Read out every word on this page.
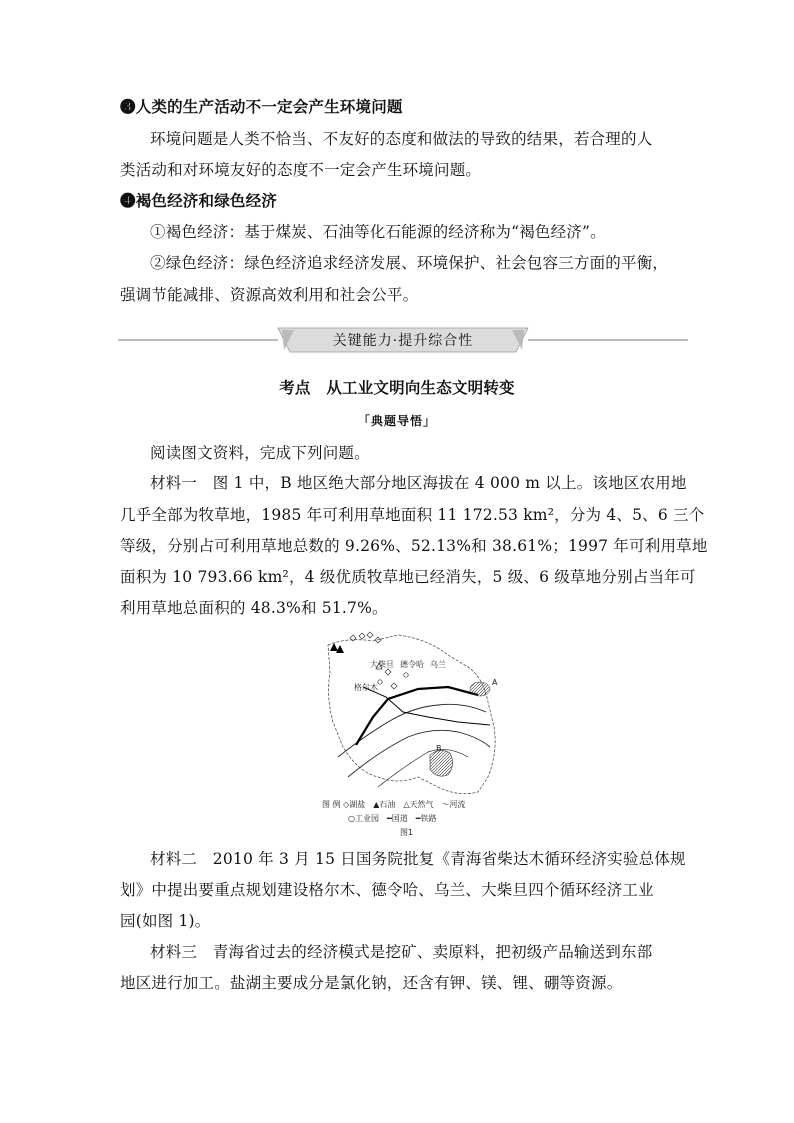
❸人类的生产活动不一定会产生环境问题
环境问题是人类不恰当、不友好的态度和做法的导致的结果，若合理的人
类活动和对环境友好的态度不一定会产生环境问题。
❹褐色经济和绿色经济
①褐色经济：基于煤炭、石油等化石能源的经济称为“褐色经济”。
②绿色经济：绿色经济追求经济发展、环境保护、社会包容三方面的平衡，
强调节能减排、资源高效利用和社会公平。
关键能力·提升综合性
考点　从工业文明向生态文明转变
「典题导悟」
阅读图文资料，完成下列问题。
材料一　图 1 中，B 地区绝大部分地区海拔在 4 000 m 以上。该地区农用地
几乎全部为牧草地，1985 年可利用草地面积 11 172.53 km²，分为 4、5、6 三个
等级，分别占可利用草地总数的 9.26%、52.13%和 38.61%；1997 年可利用草地
面积为 10 793.66 km²，4 级优质牧草地已经消失，5 级、6 级草地分别占当年可
利用草地总面积的 48.3%和 51.7%。
大柴旦 德令哈 乌兰
格尔木
A
B
图 例 ◇湖盐　▲石油　△天然气　〜河流
○工业园　━国道　━铁路
图1
材料二　2010 年 3 月 15 日国务院批复《青海省柴达木循环经济实验总体规
划》中提出要重点规划建设格尔木、德令哈、乌兰、大柴旦四个循环经济工业
园(如图 1)。
材料三　青海省过去的经济模式是挖矿、卖原料，把初级产品输送到东部
地区进行加工。盐湖主要成分是氯化钠，还含有钾、镁、锂、硼等资源。
